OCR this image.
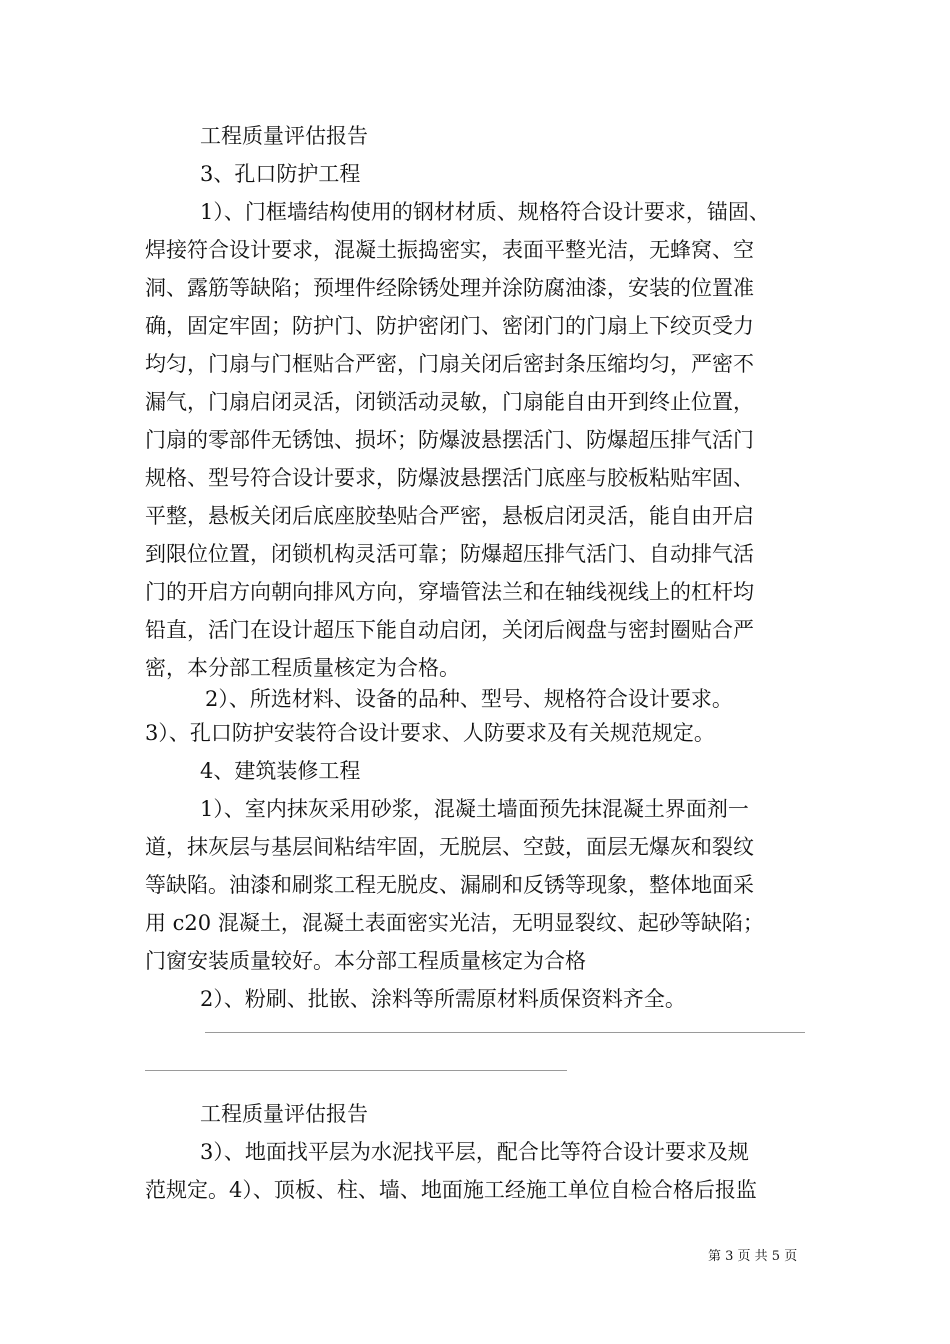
工程质量评估报告
3、孔口防护工程
1）、门框墙结构使用的钢材材质、规格符合设计要求，锚固、
焊接符合设计要求，混凝土振捣密实，表面平整光洁，无蜂窝、空
洞、露筋等缺陷；预埋件经除锈处理并涂防腐油漆，安装的位置准
确，固定牢固；防护门、防护密闭门、密闭门的门扇上下绞页受力
均匀，门扇与门框贴合严密，门扇关闭后密封条压缩均匀，严密不
漏气，门扇启闭灵活，闭锁活动灵敏，门扇能自由开到终止位置，
门扇的零部件无锈蚀、损坏；防爆波悬摆活门、防爆超压排气活门
规格、型号符合设计要求，防爆波悬摆活门底座与胶板粘贴牢固、
平整，悬板关闭后底座胶垫贴合严密，悬板启闭灵活，能自由开启
到限位位置，闭锁机构灵活可靠；防爆超压排气活门、自动排气活
门的开启方向朝向排风方向，穿墙管法兰和在轴线视线上的杠杆均
铅直，活门在设计超压下能自动启闭，关闭后阀盘与密封圈贴合严
密，本分部工程质量核定为合格。
2）、所选材料、设备的品种、型号、规格符合设计要求。
3）、孔口防护安装符合设计要求、人防要求及有关规范规定。
4、建筑装修工程
1）、室内抹灰采用砂浆，混凝土墙面预先抹混凝土界面剂一
道，抹灰层与基层间粘结牢固，无脱层、空鼓，面层无爆灰和裂纹
等缺陷。油漆和刷浆工程无脱皮、漏刷和反锈等现象，整体地面采
用 c20 混凝土，混凝土表面密实光洁，无明显裂纹、起砂等缺陷；
门窗安装质量较好。本分部工程质量核定为合格
2）、粉刷、批嵌、涂料等所需原材料质保资料齐全。
工程质量评估报告
3）、地面找平层为水泥找平层，配合比等符合设计要求及规
范规定。4）、顶板、柱、墙、地面施工经施工单位自检合格后报监
第 3 页 共 5 页
